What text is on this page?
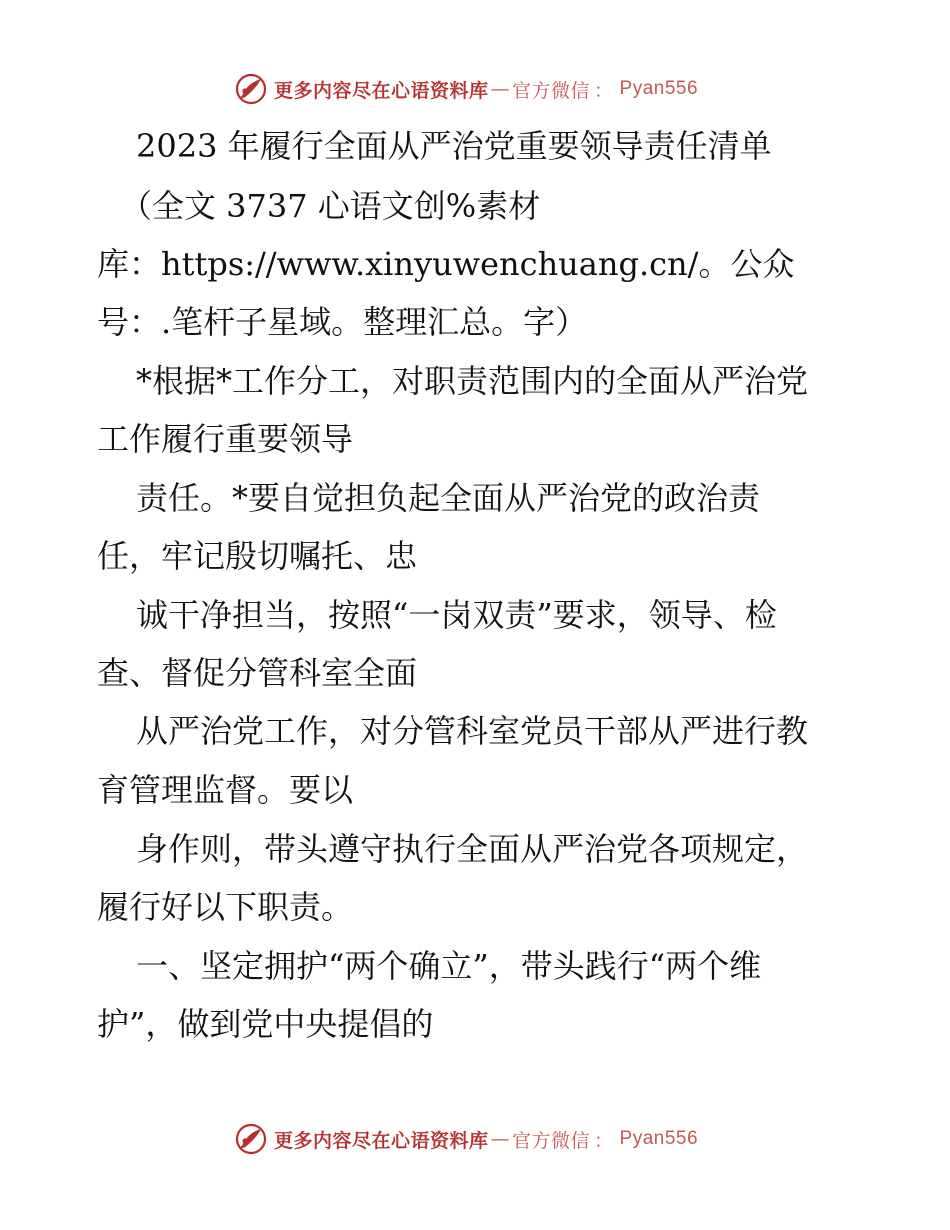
更多内容尽在心语资料库 — 官方微信 ： Pyan556
2023 年履行全面从严治党重要领导责任清单
（全文 3737 心语文创%素材
库：https://www.xinyuwenchuang.cn/。公众
号：.笔杆子星域。整理汇总。字）
*根据*工作分工，对职责范围内的全面从严治党
工作履行重要领导
责任。*要自觉担负起全面从严治党的政治责
任，牢记殷切嘱托、忠
诚干净担当，按照“一岗双责”要求，领导、检
查、督促分管科室全面
从严治党工作，对分管科室党员干部从严进行教
育管理监督。要以
身作则，带头遵守执行全面从严治党各项规定，
履行好以下职责。
一、坚定拥护“两个确立”，带头践行“两个维
护”，做到党中央提倡的
更多内容尽在心语资料库 — 官方微信 ： Pyan556
